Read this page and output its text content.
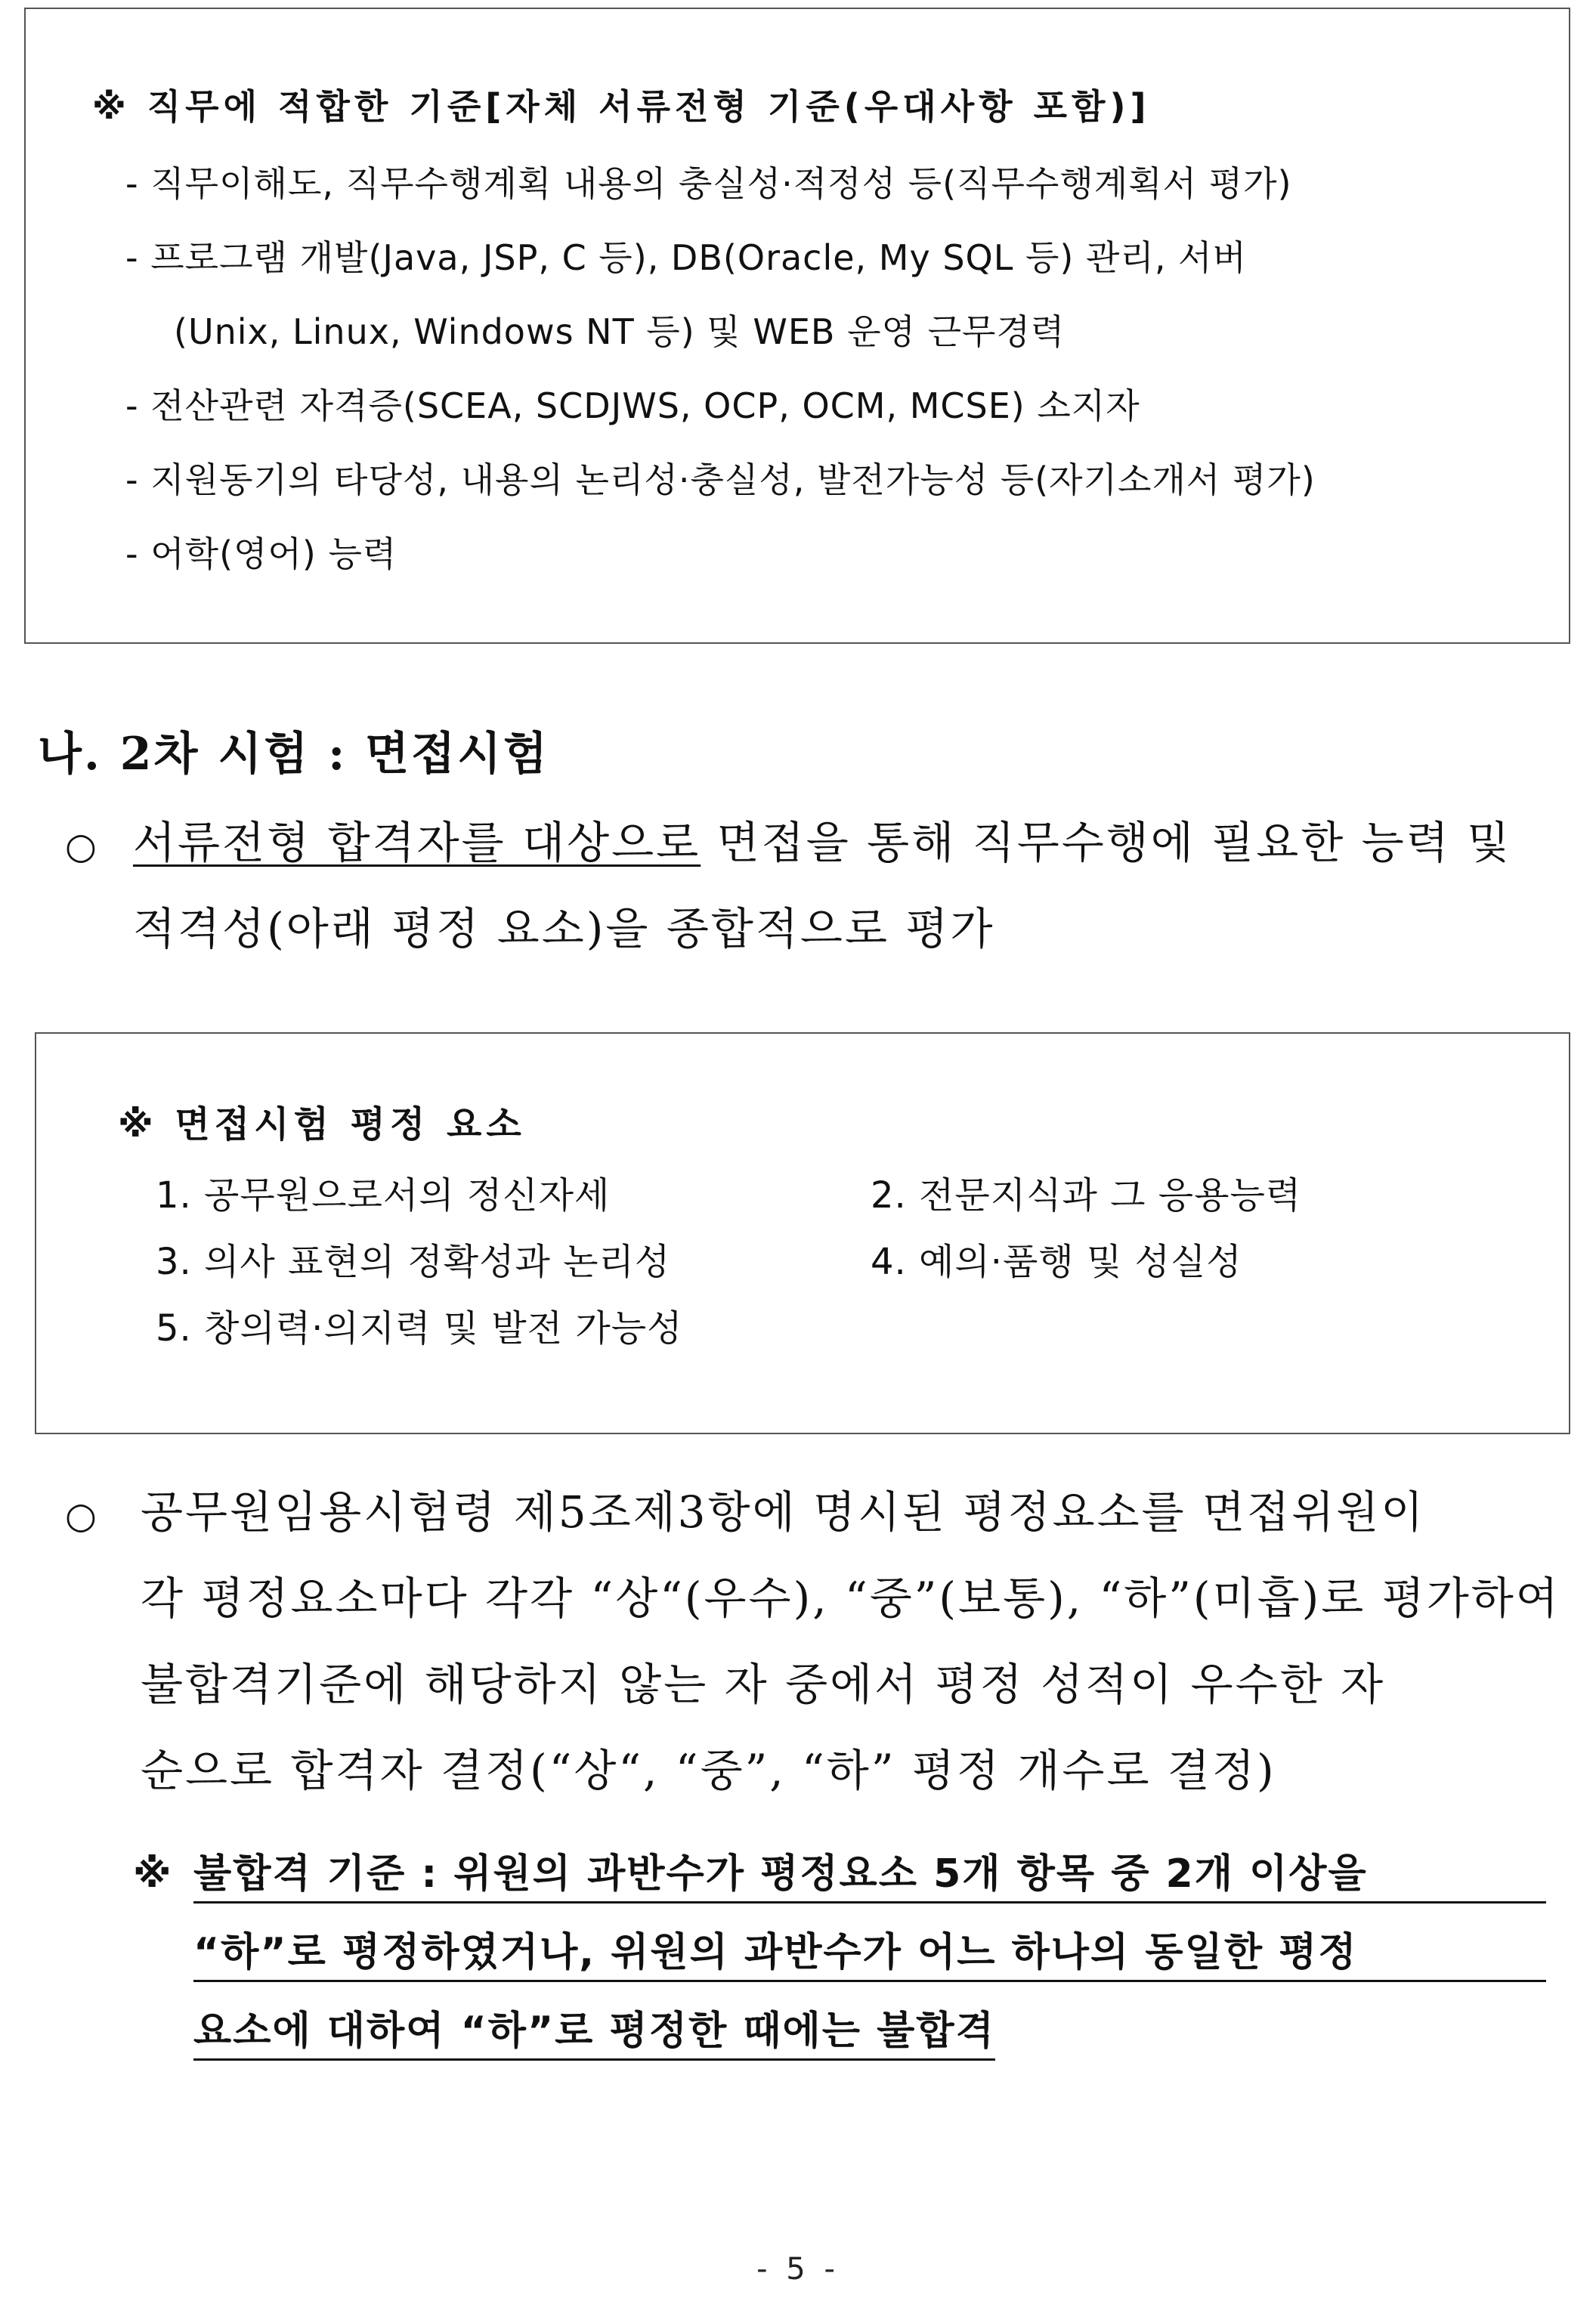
※ 직무에 적합한 기준[자체 서류전형 기준(우대사항 포함)]
- 직무이해도, 직무수행계획 내용의 충실성·적정성 등(직무수행계획서 평가)
- 프로그램 개발(Java, JSP, C 등), DB(Oracle, My SQL 등) 관리, 서버
(Unix, Linux, Windows NT 등) 및 WEB 운영 근무경력
- 전산관련 자격증(SCEA, SCDJWS, OCP, OCM, MCSE) 소지자
- 지원동기의 타당성, 내용의 논리성·충실성, 발전가능성 등(자기소개서 평가)
- 어학(영어) 능력
나. 2차 시험 : 면접시험
○ 서류전형 합격자를 대상으로 면접을 통해 직무수행에 필요한 능력 및
적격성(아래 평정 요소)을 종합적으로 평가
※ 면접시험 평정 요소
1. 공무원으로서의 정신자세	2. 전문지식과 그 응용능력
3. 의사 표현의 정확성과 논리성	4. 예의·품행 및 성실성
5. 창의력·의지력 및 발전 가능성
○ 공무원임용시험령 제5조제3항에 명시된 평정요소를 면접위원이
각 평정요소마다 각각 “상“(우수), “중”(보통), “하”(미흡)로 평가하여
불합격기준에 해당하지 않는 자 중에서 평정 성적이 우수한 자
순으로 합격자 결정(“상“, “중”, “하” 평정 개수로 결정)
※ 불합격 기준 : 위원의 과반수가 평정요소 5개 항목 중 2개 이상을
“하”로 평정하였거나, 위원의 과반수가 어느 하나의 동일한 평정
요소에 대하여 “하”로 평정한 때에는 불합격
- 5 -
